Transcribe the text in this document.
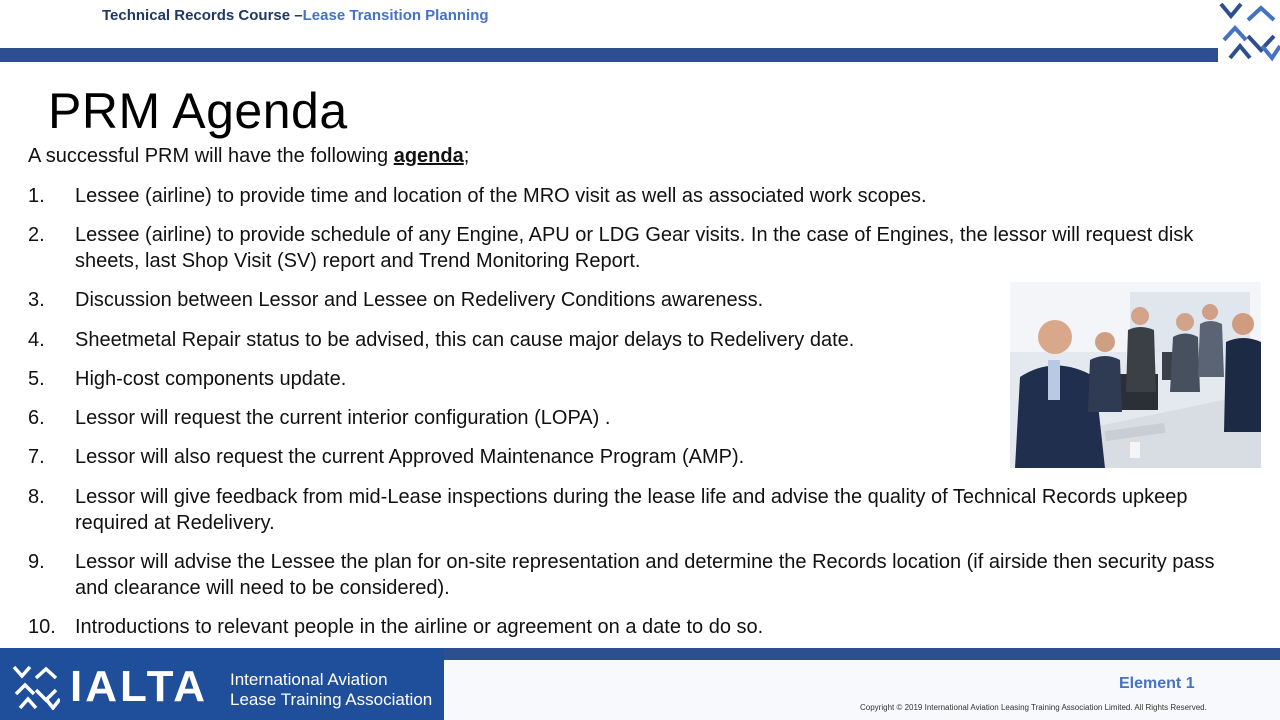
Technical Records Course –Lease Transition Planning
PRM Agenda
A successful PRM will have the following agenda;
1.	Lessee (airline) to provide time and location of the MRO visit as well as associated work scopes.
2.	Lessee (airline) to provide schedule of any Engine, APU or LDG Gear visits. In the case of Engines, the lessor will request disk sheets, last Shop Visit (SV) report and Trend Monitoring Report.
3.	Discussion between Lessor and Lessee on Redelivery Conditions awareness.
4.	Sheetmetal Repair status to be advised, this can cause major delays to Redelivery date.
5.	High-cost components update.
6.	Lessor will request the current interior configuration (LOPA) .
7.	Lessor will also request the current Approved Maintenance Program (AMP).
8.	Lessor will give feedback from mid-Lease inspections during the lease life and advise the quality of Technical Records upkeep required at Redelivery.
9.	Lessor will advise the Lessee the plan for on-site representation and determine the Records location (if airside then security pass and clearance will need to be considered).
10. Introductions to relevant people in the airline or agreement on a date to do so.
IALTA International Aviation
Lease Training Association
Element 1
Copyright © 2019 International Aviation Leasing Training Association Limited. All Rights Reserved.
